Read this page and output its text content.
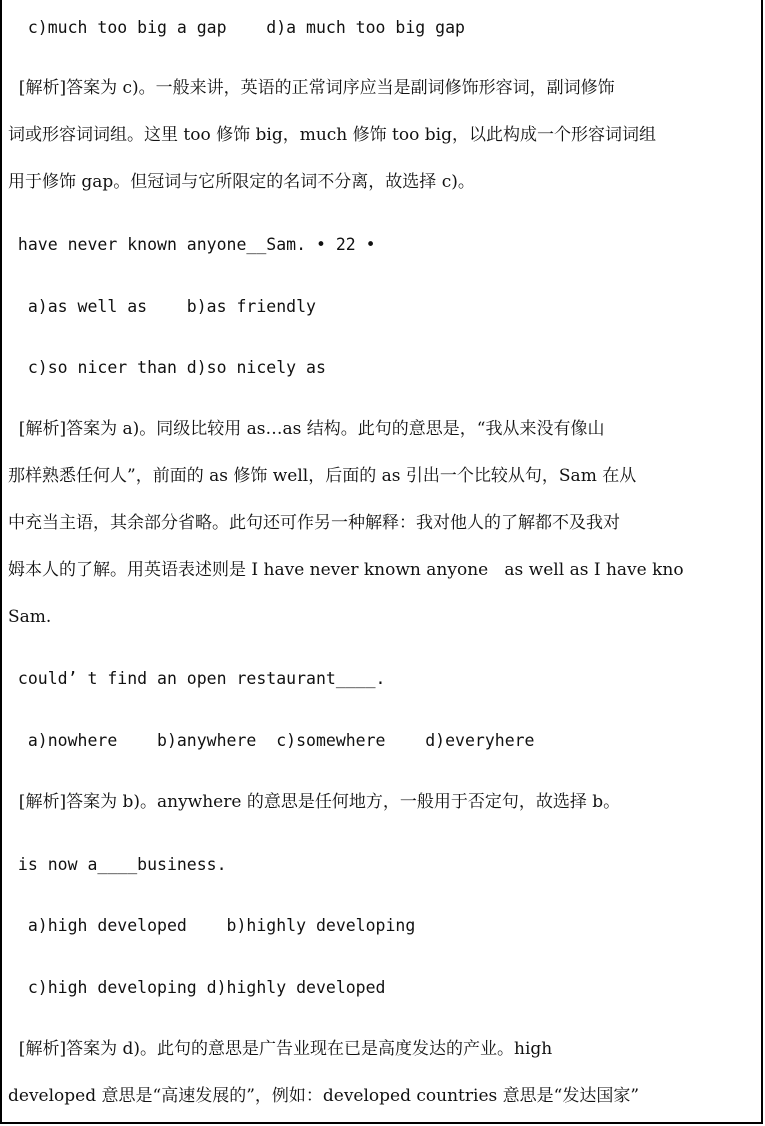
c)much too big a gap    d)a much too big gap
[解析]答案为 c)。一般来讲，英语的正常词序应当是副词修饰形容词，副词修饰
词或形容词词组。这里 too 修饰 big，much 修饰 too big，以此构成一个形容词词组
用于修饰 gap。但冠词与它所限定的名词不分离，故选择 c)。
have never known anyone__Sam. • 22 •
a)as well as    b)as friendly
c)so nicer than d)so nicely as
[解析]答案为 a)。同级比较用 as…as 结构。此句的意思是，“我从来没有像山
那样熟悉任何人”，前面的 as 修饰 well，后面的 as 引出一个比较从句，Sam 在从
中充当主语，其余部分省略。此句还可作另一种解释：我对他人的了解都不及我对
姆本人的了解。用英语表述则是 I have never known anyone   as well as I have kno
Sam.
could’ t find an open restaurant____.
a)nowhere    b)anywhere  c)somewhere    d)everyhere
[解析]答案为 b)。anywhere 的意思是任何地方，一般用于否定句，故选择 b。
is now a____business.
a)high developed    b)highly developing
c)high developing d)highly developed
[解析]答案为 d)。此句的意思是广告业现在已是高度发达的产业。high
developed 意思是“高速发展的”，例如：developed countries 意思是“发达国家”
